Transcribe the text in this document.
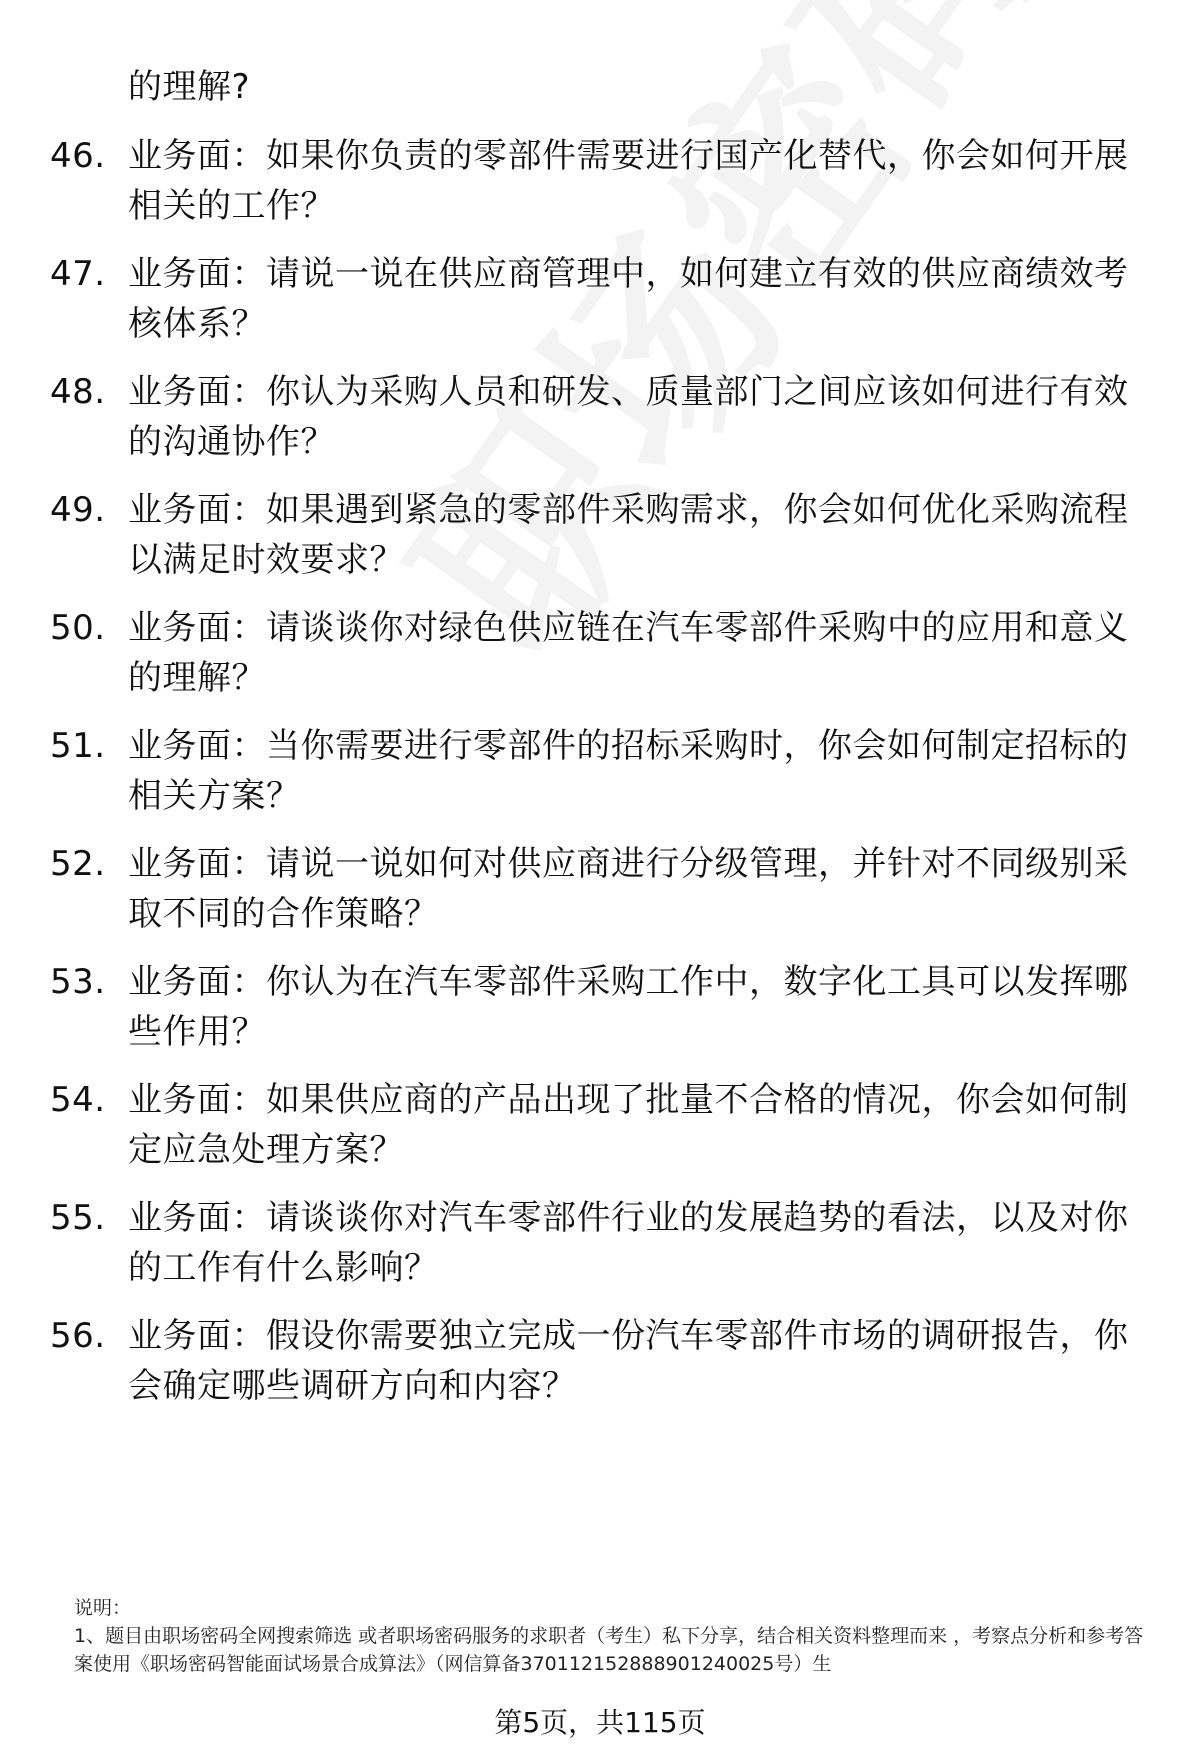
的理解?
46. 业务面：如果你负责的零部件需要进行国产化替代，你会如何开展相关的工作？
47. 业务面：请说一说在供应商管理中，如何建立有效的供应商绩效考核体系？
48. 业务面：你认为采购人员和研发、质量部门之间应该如何进行有效的沟通协作？
49. 业务面：如果遇到紧急的零部件采购需求，你会如何优化采购流程以满足时效要求？
50. 业务面：请谈谈你对绿色供应链在汽车零部件采购中的应用和意义的理解？
51. 业务面：当你需要进行零部件的招标采购时，你会如何制定招标的相关方案？
52. 业务面：请说一说如何对供应商进行分级管理，并针对不同级别采取不同的合作策略？
53. 业务面：你认为在汽车零部件采购工作中，数字化工具可以发挥哪些作用？
54. 业务面：如果供应商的产品出现了批量不合格的情况，你会如何制定应急处理方案？
55. 业务面：请谈谈你对汽车零部件行业的发展趋势的看法，以及对你的工作有什么影响？
56. 业务面：假设你需要独立完成一份汽车零部件市场的调研报告，你会确定哪些调研方向和内容？
说明：
1、题目由职场密码全网搜索筛选 或者职场密码服务的求职者（考生）私下分享，结合相关资料整理而来 ，考察点分析和参考答案使用《职场密码智能面试场景合成算法》（网信算备370112152888901240025号）生
第5页，共115页
